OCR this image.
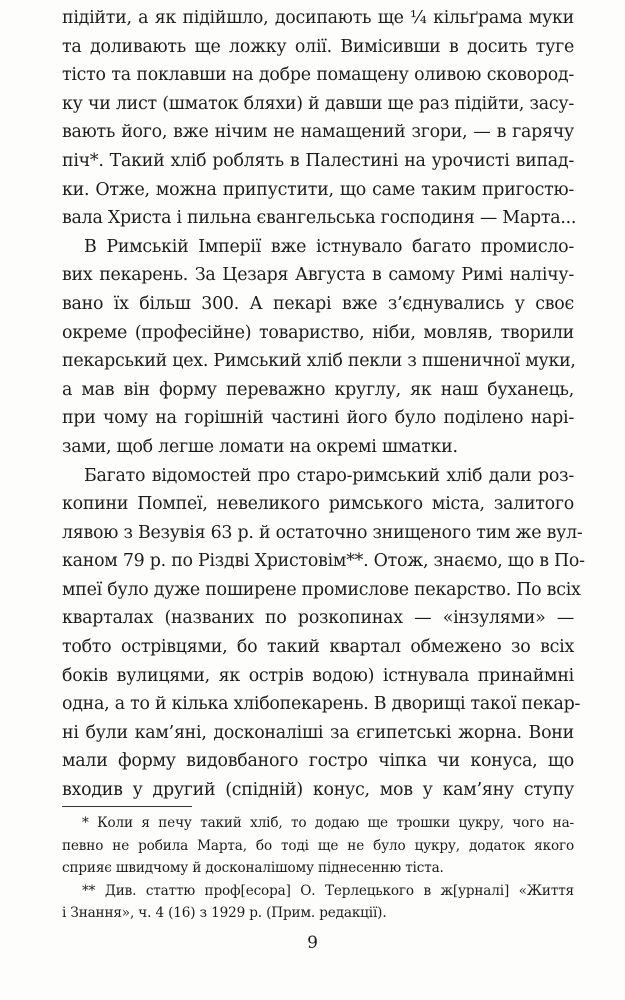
підійти, а як підійшло, досипають ще ¼ кільґрама муки
та доливають ще ложку олії. Вимісивши в досить туге
тісто та поклавши на добре помащену оливою сковород-
ку чи лист (шматок бляхи) й давши ще раз підійти, засу-
вають його, вже нічим не намащений згори, — в гарячу
піч*. Такий хліб роблять в Палестині на урочисті випад-
ки. Отже, можна припустити, що саме таким пригостю-
вала Христа і пильна євангельська господиня — Марта...
В Римській Імперії вже істнувало багато промисло-
вих пекарень. За Цезаря Августа в самому Римі налічу-
вано їх більш 300. А пекарі вже з’єднувались у своє
окреме (професійне) товариство, ніби, мовляв, творили
пекарський цех. Римський хліб пекли з пшеничної муки,
а мав він форму переважно круглу, як наш буханець,
при чому на горішній частині його було поділено нарі-
зами, щоб легше ломати на окремі шматки.
Багато відомостей про старо-римський хліб дали роз-
копини Помпеї, невеликого римського міста, залитого
лявою з Везувія 63 р. й остаточно знищеного тим же вул-
каном 79 р. по Різдві Христовім**. Отож, знаємо, що в По-
мпеї було дуже поширене промислове пекарство. По всіх
кварталах (названих по розкопинах — «інзулями» —
тобто острівцями, бо такий квартал обмежено зо всіх
боків вулицями, як острів водою) істнувала принаймні
одна, а то й кілька хлібопекарень. В дворищі такої пекар-
ні були кам’яні, досконаліші за єгипетські жорна. Вони
мали форму видовбаного гостро чіпка чи конуса, що
входив у другий (спідній) конус, мов у кам’яну ступу
* Коли я печу такий хліб, то додаю ще трошки цукру, чого на-
певно не робила Марта, бо тоді ще не було цукру, додаток якого
сприяє швидчому й досконалішому піднесенню тіста.
** Див. статтю проф[есора] О. Терлецького в ж[урналі] «Життя
і Знання», ч. 4 (16) з 1929 р. (Прим. редакції).
9
